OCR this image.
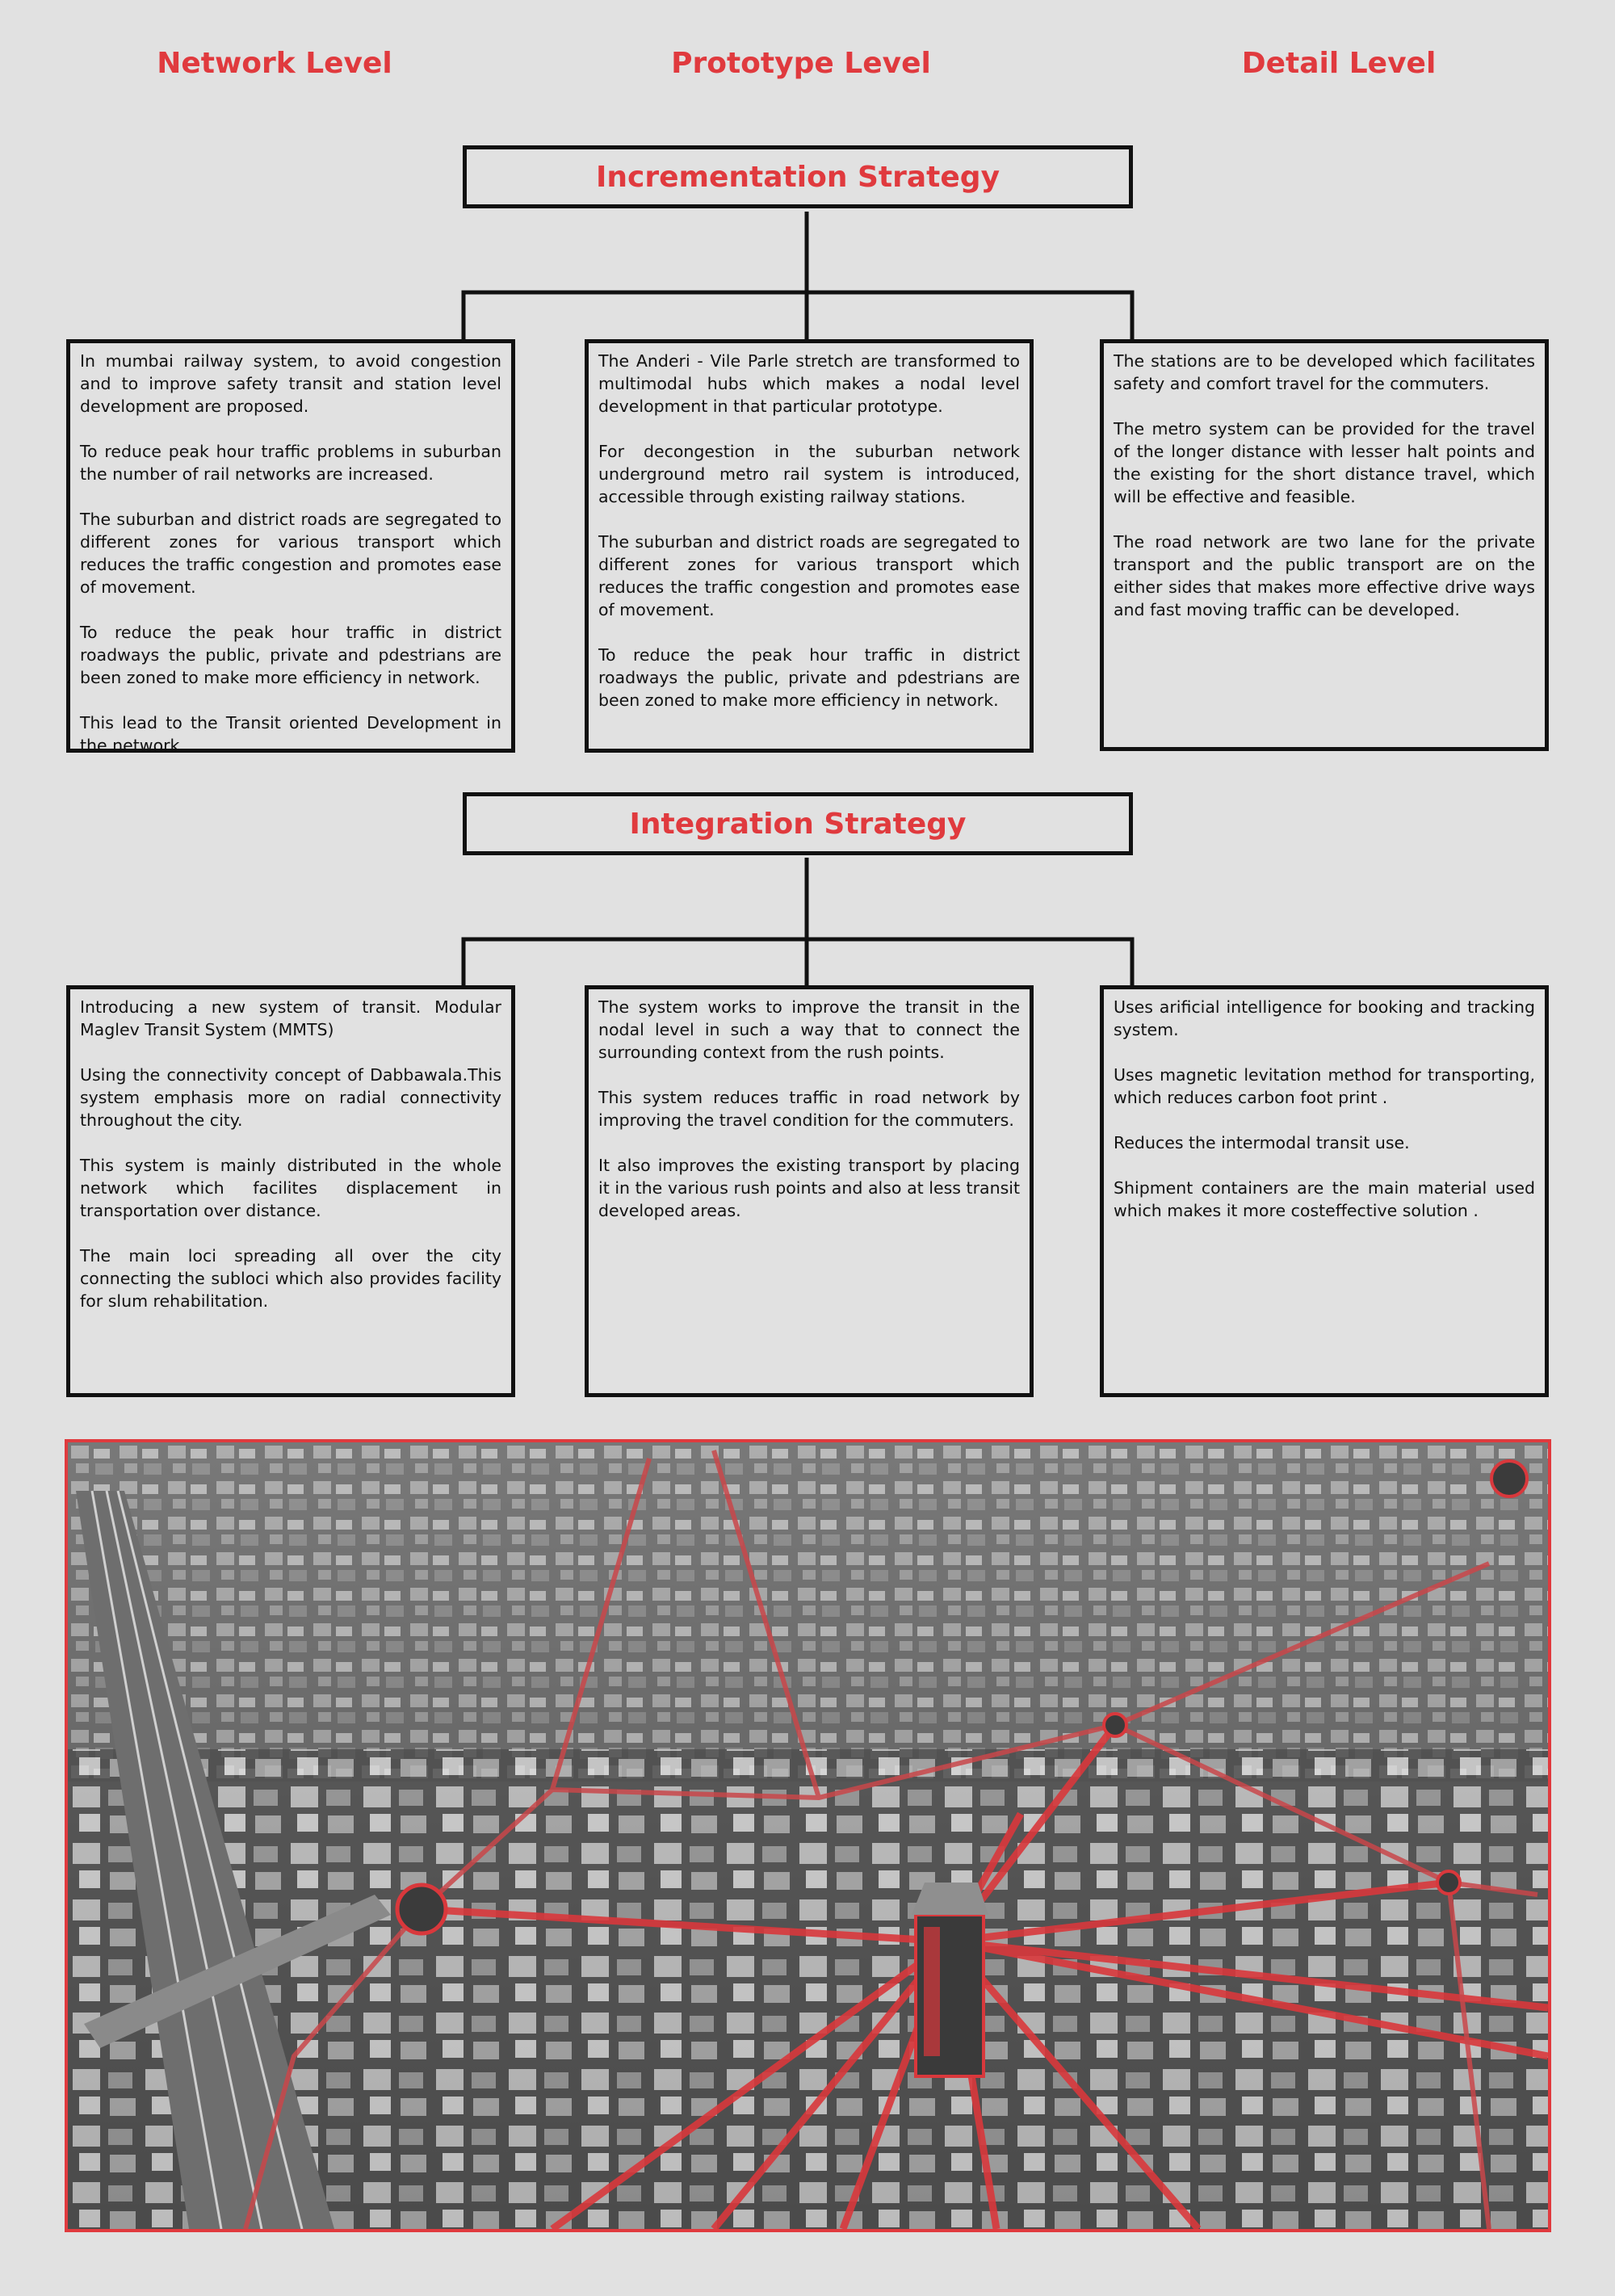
Network Level	Prototype Level	Detail Level
Incrementation Strategy

In mumbai railway system, to avoid congestion and to improve safety transit and station level development are proposed.

To reduce peak hour traffic problems in suburban the number of rail networks are increased.

The suburban and district roads are segregated to different zones for various transport which reduces the traffic congestion and promotes ease of movement.

To reduce the peak hour traffic in district roadways the public, private and pdestrians are been zoned to make more efficiency in network.

This lead to the Transit oriented Development in the network.

The Anderi - Vile Parle stretch are transformed to multimodal hubs which makes a nodal level development in that particular prototype.

For decongestion in the suburban network underground metro rail system is introduced, accessible through existing railway stations.

The suburban and district roads are segregated to different zones for various transport which reduces the traffic congestion and promotes ease of movement.

To reduce the peak hour traffic in district roadways the public, private and pdestrians are been zoned to make more efficiency in network.

The stations are to be developed which facilitates safety and comfort travel for the commuters.

The metro system can be provided for the travel of the longer distance with lesser halt points and the existing for the short distance travel, which will be effective and feasible.

The road network are two lane for the private transport and the public transport are on the either sides that makes more effective drive ways and fast moving traffic can be developed.

Integration Strategy

Introducing a new system of transit. Modular Maglev Transit System (MMTS)

Using the connectivity concept of Dabbawala.This system emphasis more on radial connectivity throughout the city.

This system is mainly distributed in the whole network which facilites displacement in transportation over distance.

The main loci spreading all over the city connecting the subloci which also provides facility for slum rehabilitation.

The system works to improve the transit in the nodal level in such a way that to connect the surrounding context from the rush points.

This system reduces traffic in road network by improving the travel condition for the commuters.

It also improves the existing transport by placing it in the various rush points and also at less transit developed areas.

Uses arificial intelligence for booking and tracking system.

Uses magnetic levitation method for transporting, which reduces carbon foot print .

Reduces the intermodal transit use.

Shipment containers are the main material used which makes it more costeffective solution .
